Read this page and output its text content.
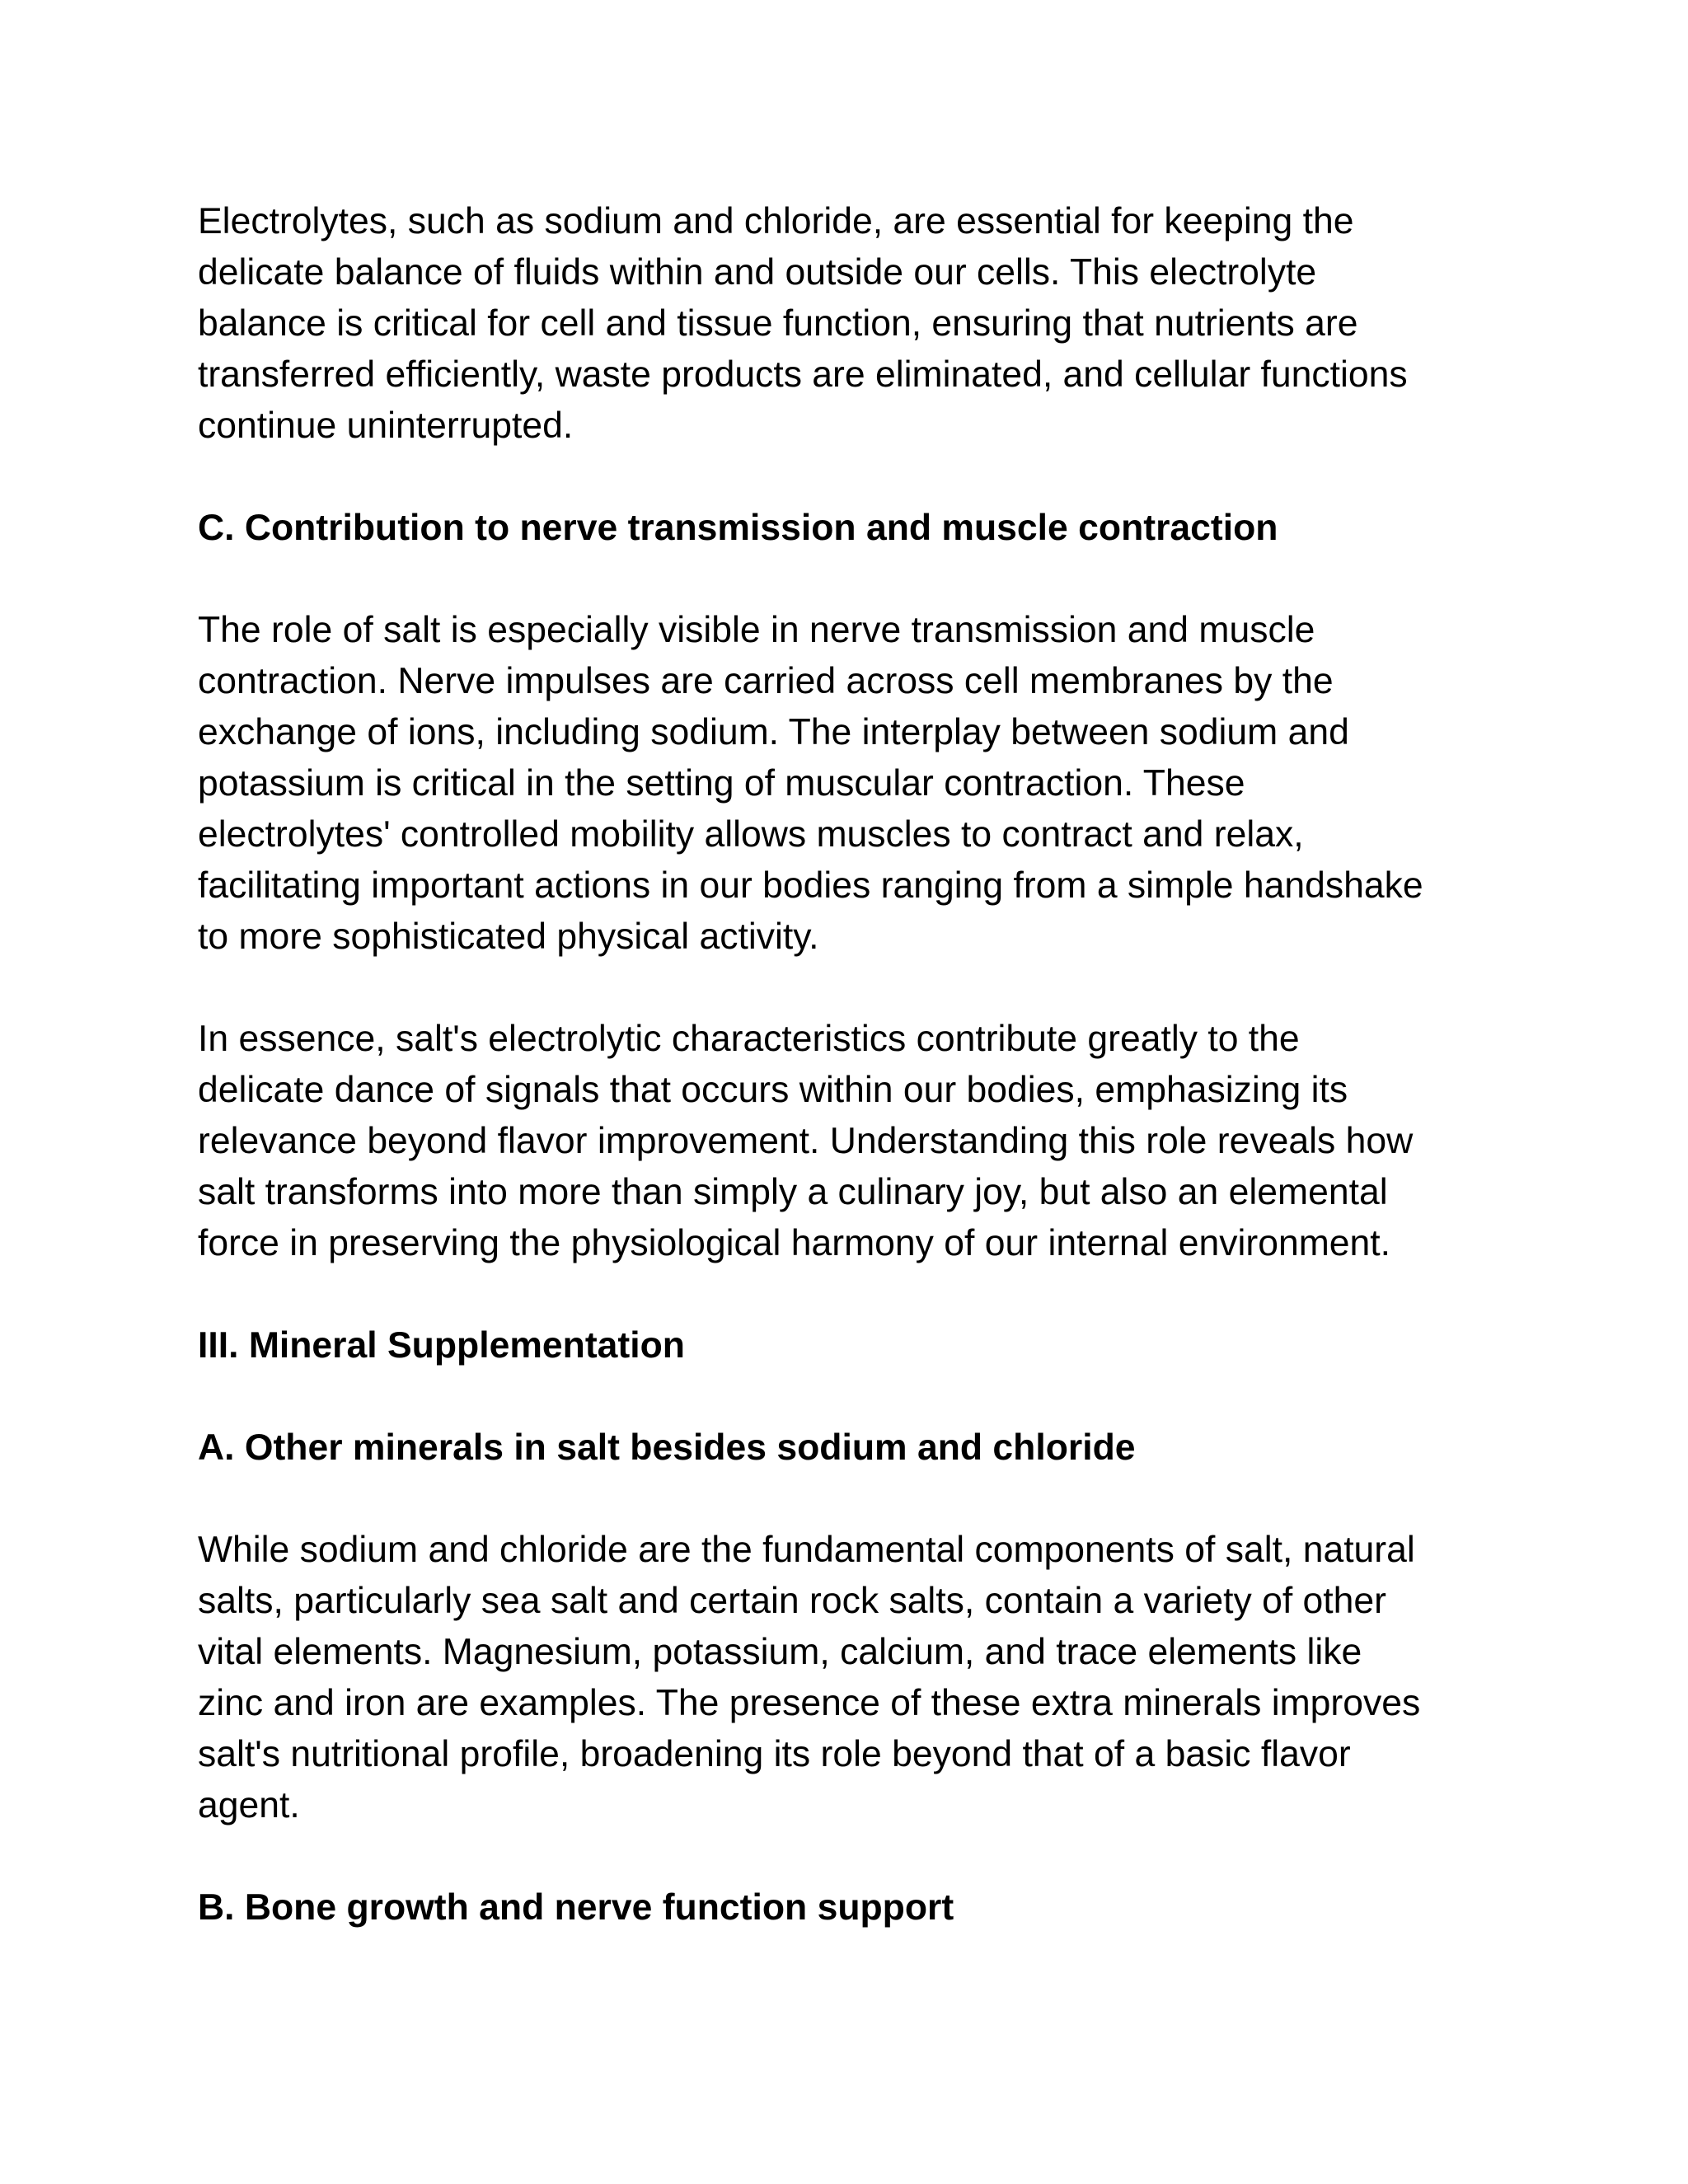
Electrolytes, such as sodium and chloride, are essential for keeping the
delicate balance of fluids within and outside our cells. This electrolyte
balance is critical for cell and tissue function, ensuring that nutrients are
transferred efficiently, waste products are eliminated, and cellular functions
continue uninterrupted.

C. Contribution to nerve transmission and muscle contraction

The role of salt is especially visible in nerve transmission and muscle
contraction. Nerve impulses are carried across cell membranes by the
exchange of ions, including sodium. The interplay between sodium and
potassium is critical in the setting of muscular contraction. These
electrolytes' controlled mobility allows muscles to contract and relax,
facilitating important actions in our bodies ranging from a simple handshake
to more sophisticated physical activity.

In essence, salt's electrolytic characteristics contribute greatly to the
delicate dance of signals that occurs within our bodies, emphasizing its
relevance beyond flavor improvement. Understanding this role reveals how
salt transforms into more than simply a culinary joy, but also an elemental
force in preserving the physiological harmony of our internal environment.

III. Mineral Supplementation
A. Other minerals in salt besides sodium and chloride

While sodium and chloride are the fundamental components of salt, natural
salts, particularly sea salt and certain rock salts, contain a variety of other
vital elements. Magnesium, potassium, calcium, and trace elements like
zinc and iron are examples. The presence of these extra minerals improves
salt's nutritional profile, broadening its role beyond that of a basic flavor
agent.

B. Bone growth and nerve function support
